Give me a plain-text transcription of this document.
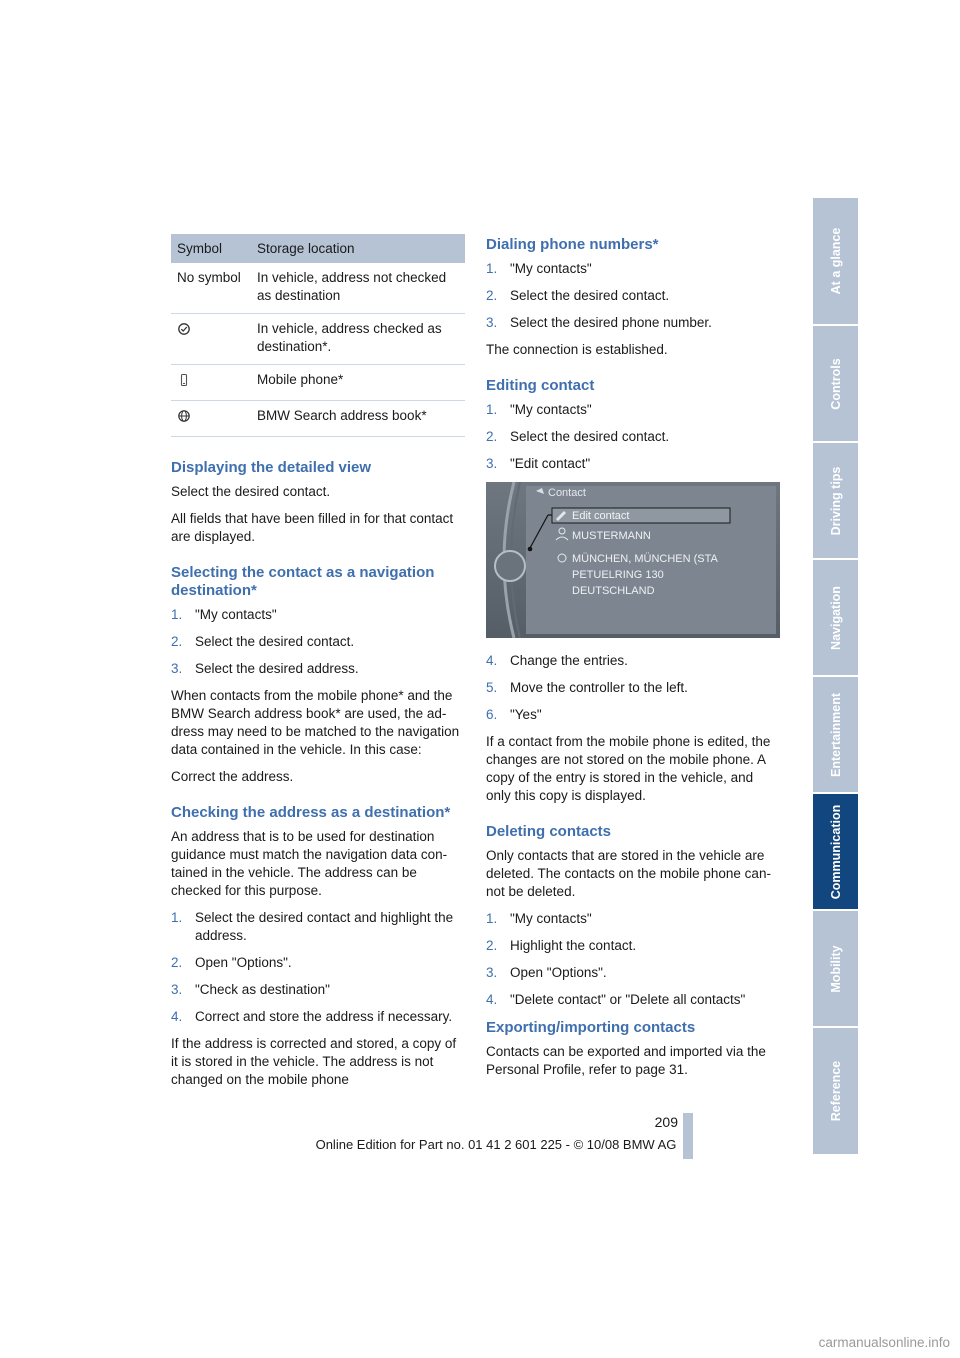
Symbol	Storage location
No symbol	In vehicle, address not checked as destination
	In vehicle, address checked as destination*.
	Mobile phone*
	BMW Search address book*
Displaying the detailed view

Select the desired contact.

All fields that have been filled in for that contact are displayed.

Selecting the contact as a navigation destination*
1. "My contacts"
2. Select the desired contact.
3. Select the desired address.

When contacts from the mobile phone* and the BMW Search address book* are used, the ad-dress may need to be matched to the navigation data contained in the vehicle. In this case:

Correct the address.

Checking the address as a destination*

An address that is to be used for destination guidance must match the navigation data con-tained in the vehicle. The address can be checked for this purpose.

1. Select the desired contact and highlight the address.
2. Open "Options".
3. "Check as destination"
4. Correct and store the address if necessary.

If the address is corrected and stored, a copy of it is stored in the vehicle. The address is not changed on the mobile phone

Dialing phone numbers*
1. "My contacts"
2. Select the desired contact.
3. Select the desired phone number.

The connection is established.

Editing contact
1. "My contacts"
2. Select the desired contact.
3. "Edit contact"
Contact
Edit contact
MUSTERMANN
MÜNCHEN, MÜNCHEN (STA
PETUELRING 130
DEUTSCHLAND
4. Change the entries.
5. Move the controller to the left.
6. "Yes"

If a contact from the mobile phone is edited, the changes are not stored on the mobile phone. A copy of the entry is stored in the vehicle, and only this copy is displayed.

Deleting contacts

Only contacts that are stored in the vehicle are deleted. The contacts on the mobile phone can-not be deleted.

1. "My contacts"
2. Highlight the contact.
3. Open "Options".
4. "Delete contact" or "Delete all contacts"
Exporting/importing contacts

Contacts can be exported and imported via the Personal Profile, refer to page 31.

At a glance
Controls
Driving tips
Navigation
Entertainment
Communication
Mobility
Reference
209
Online Edition for Part no. 01 41 2 601 225 - © 10/08 BMW AG
carmanualsonline.info
